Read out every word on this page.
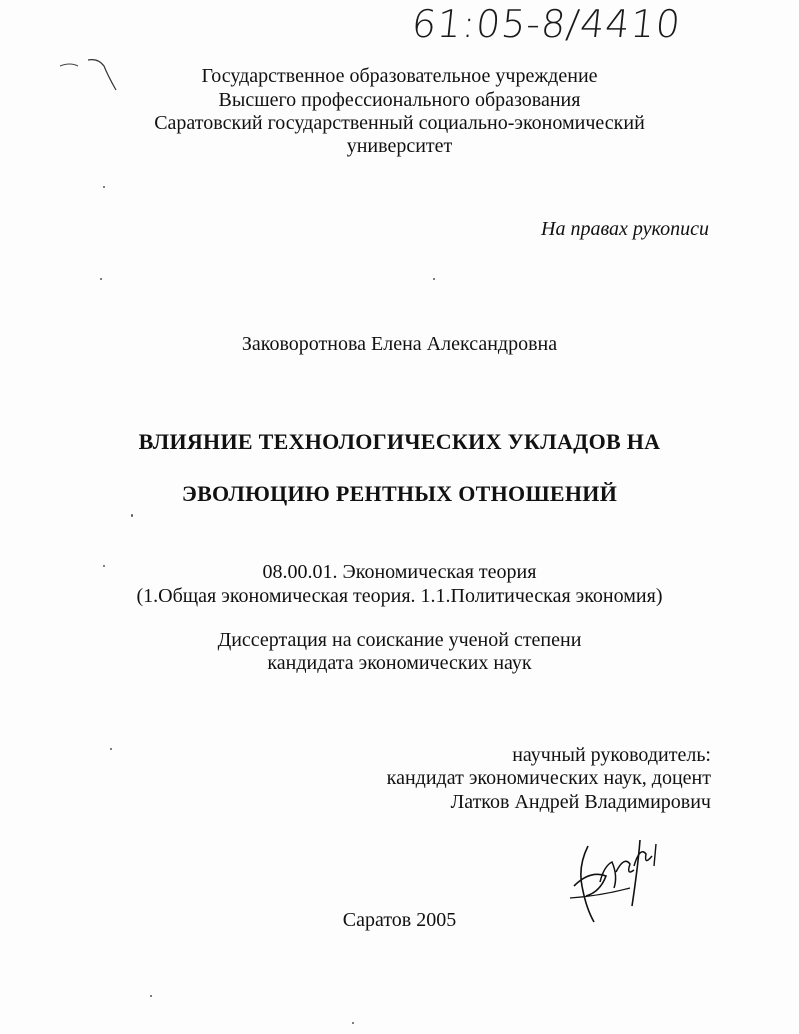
61:05-8/4410
Государственное образовательное учреждение
Высшего профессионального образования
Саратовский государственный социально-экономический
университет
На правах рукописи
Заковоротнова Елена Александровна
ВЛИЯНИЕ ТЕХНОЛОГИЧЕСКИХ УКЛАДОВ НА
ЭВОЛЮЦИЮ РЕНТНЫХ ОТНОШЕНИЙ
08.00.01. Экономическая теория
(1.Общая экономическая теория. 1.1.Политическая экономия)
Диссертация на соискание ученой степени
кандидата экономических наук
научный руководитель:
кандидат экономических наук, доцент
Латков Андрей Владимирович
Саратов 2005
